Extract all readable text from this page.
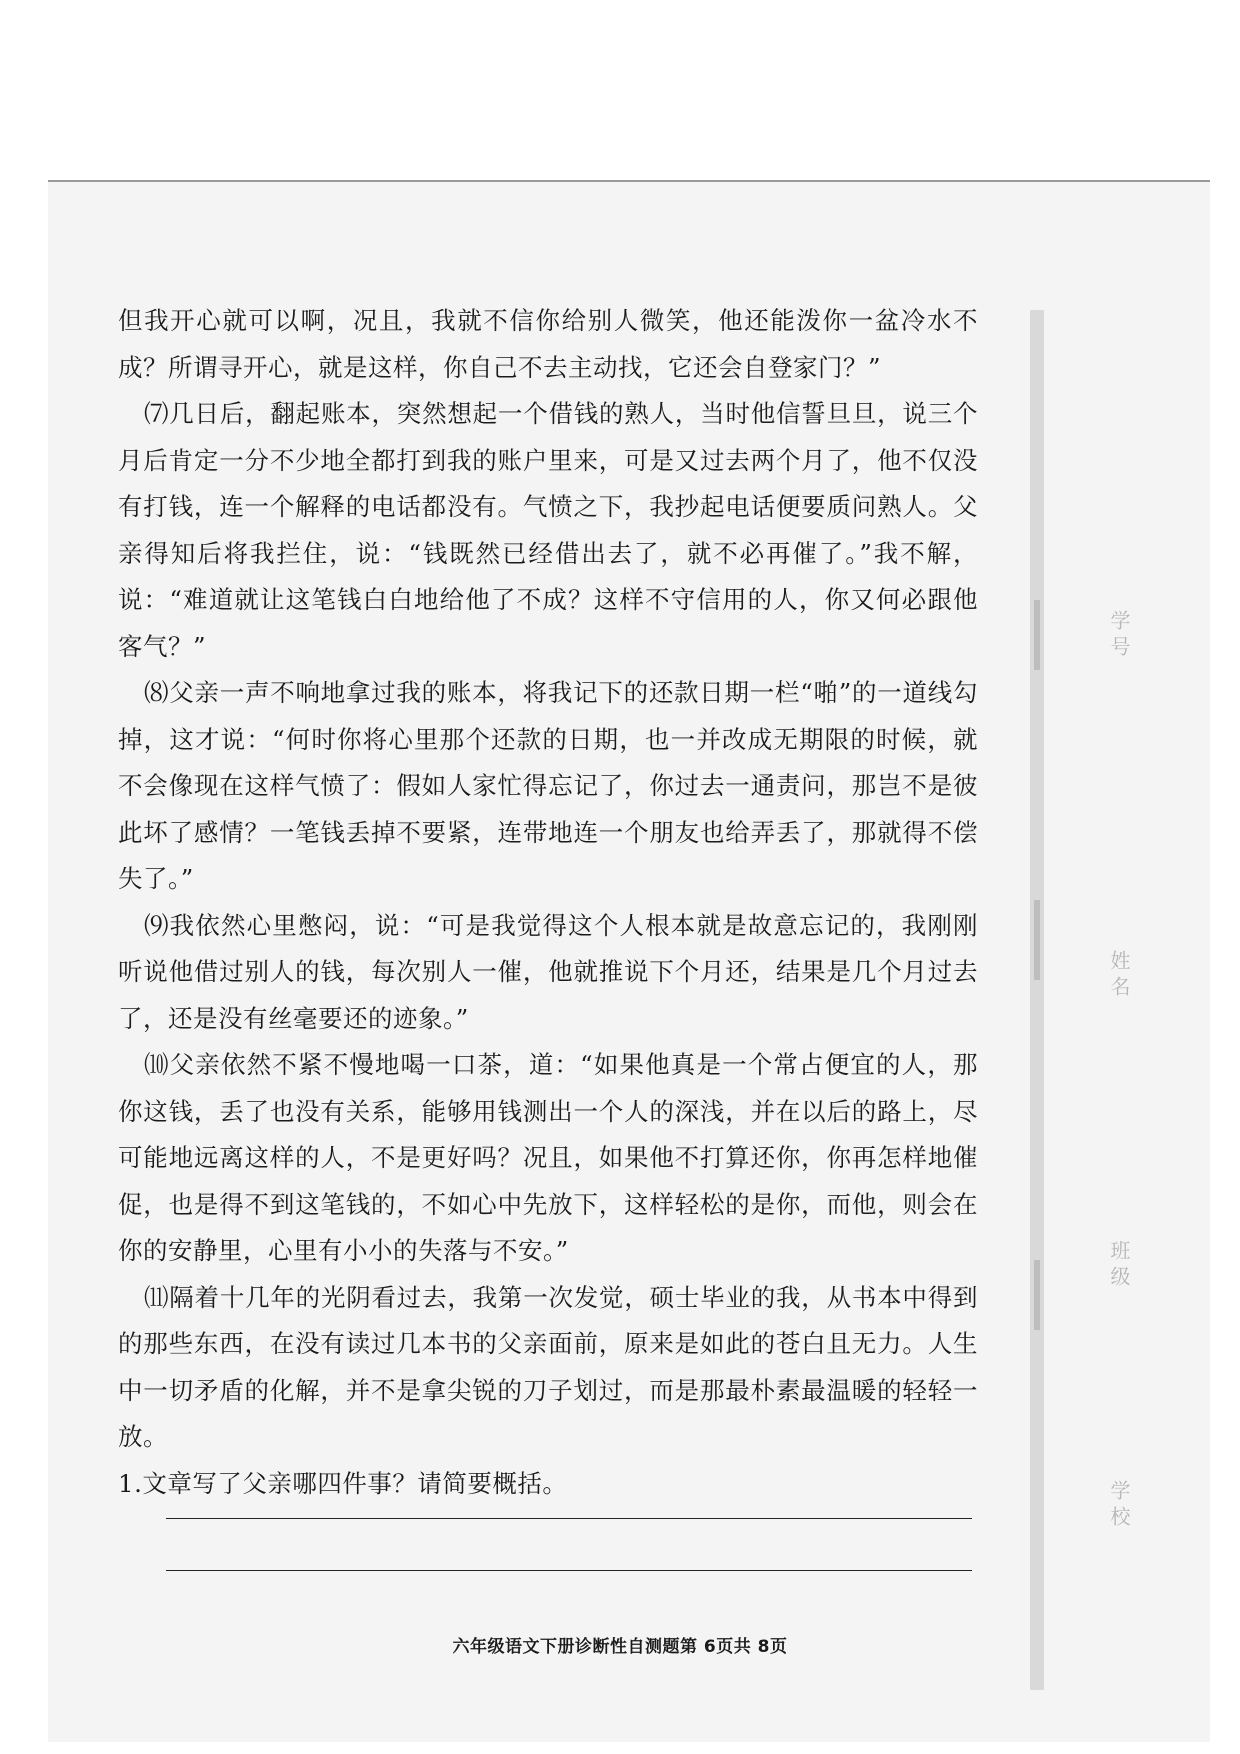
学号
姓名
班级
学校

但我开心就可以啊，况且，我就不信你给别人微笑，他还能泼你一盆冷水不成？所谓寻开心，就是这样，你自己不去主动找，它还会自登家门？”

⑺几日后，翻起账本，突然想起一个借钱的熟人，当时他信誓旦旦，说三个月后肯定一分不少地全都打到我的账户里来，可是又过去两个月了，他不仅没有打钱，连一个解释的电话都没有。气愤之下，我抄起电话便要质问熟人。父亲得知后将我拦住，说：“钱既然已经借出去了，就不必再催了。”我不解，说：“难道就让这笔钱白白地给他了不成？这样不守信用的人，你又何必跟他客气？”

⑻父亲一声不响地拿过我的账本，将我记下的还款日期一栏“啪”的一道线勾掉，这才说：“何时你将心里那个还款的日期，也一并改成无期限的时候，就不会像现在这样气愤了：假如人家忙得忘记了，你过去一通责问，那岂不是彼此坏了感情？一笔钱丢掉不要紧，连带地连一个朋友也给弄丢了，那就得不偿失了。”

⑼我依然心里憋闷，说：“可是我觉得这个人根本就是故意忘记的，我刚刚听说他借过别人的钱，每次别人一催，他就推说下个月还，结果是几个月过去了，还是没有丝毫要还的迹象。”

⑽父亲依然不紧不慢地喝一口茶，道：“如果他真是一个常占便宜的人，那你这钱，丢了也没有关系，能够用钱测出一个人的深浅，并在以后的路上，尽可能地远离这样的人，不是更好吗？况且，如果他不打算还你，你再怎样地催促，也是得不到这笔钱的，不如心中先放下，这样轻松的是你，而他，则会在你的安静里，心里有小小的失落与不安。”

⑾隔着十几年的光阴看过去，我第一次发觉，硕士毕业的我，从书本中得到的那些东西，在没有读过几本书的父亲面前，原来是如此的苍白且无力。人生中一切矛盾的化解，并不是拿尖锐的刀子划过，而是那最朴素最温暖的轻轻一放。

1.文章写了父亲哪四件事？请简要概括。

六年级语文下册诊断性自测题第 6页共 8页
